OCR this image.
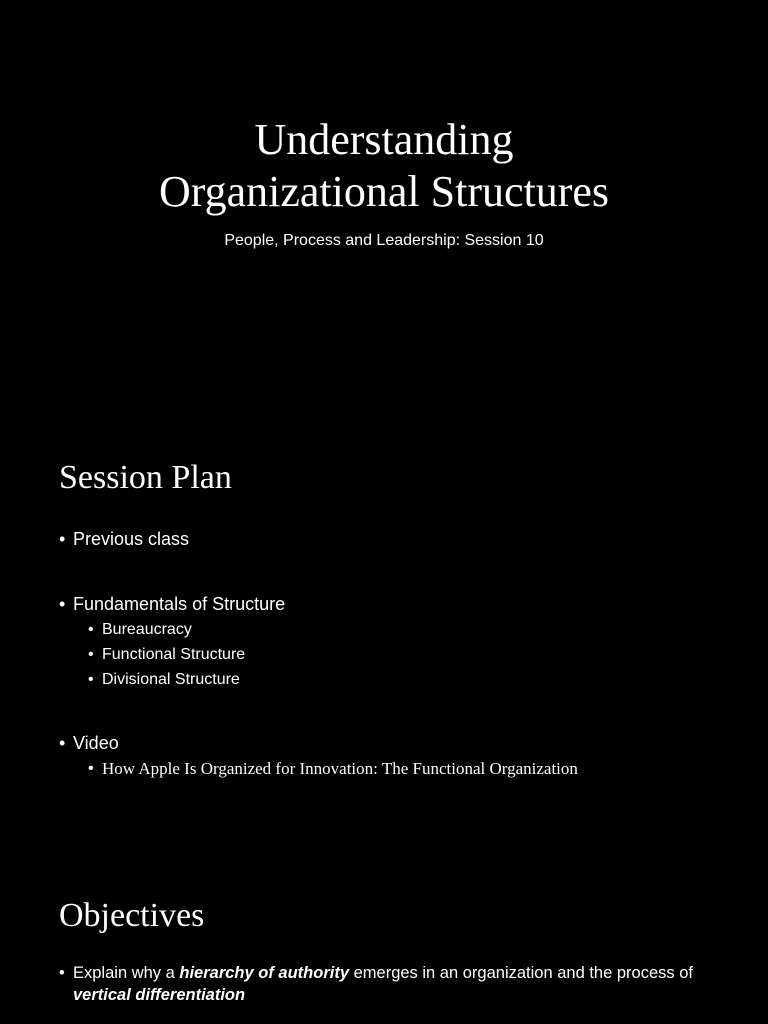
Understanding
Organizational Structures
People, Process and Leadership: Session 10
Session Plan
• Previous class
• Fundamentals of Structure
• Bureaucracy
• Functional Structure
• Divisional Structure
• Video
• How Apple Is Organized for Innovation: The Functional Organization
Objectives
• Explain why a hierarchy of authority emerges in an organization and the process of vertical differentiation
